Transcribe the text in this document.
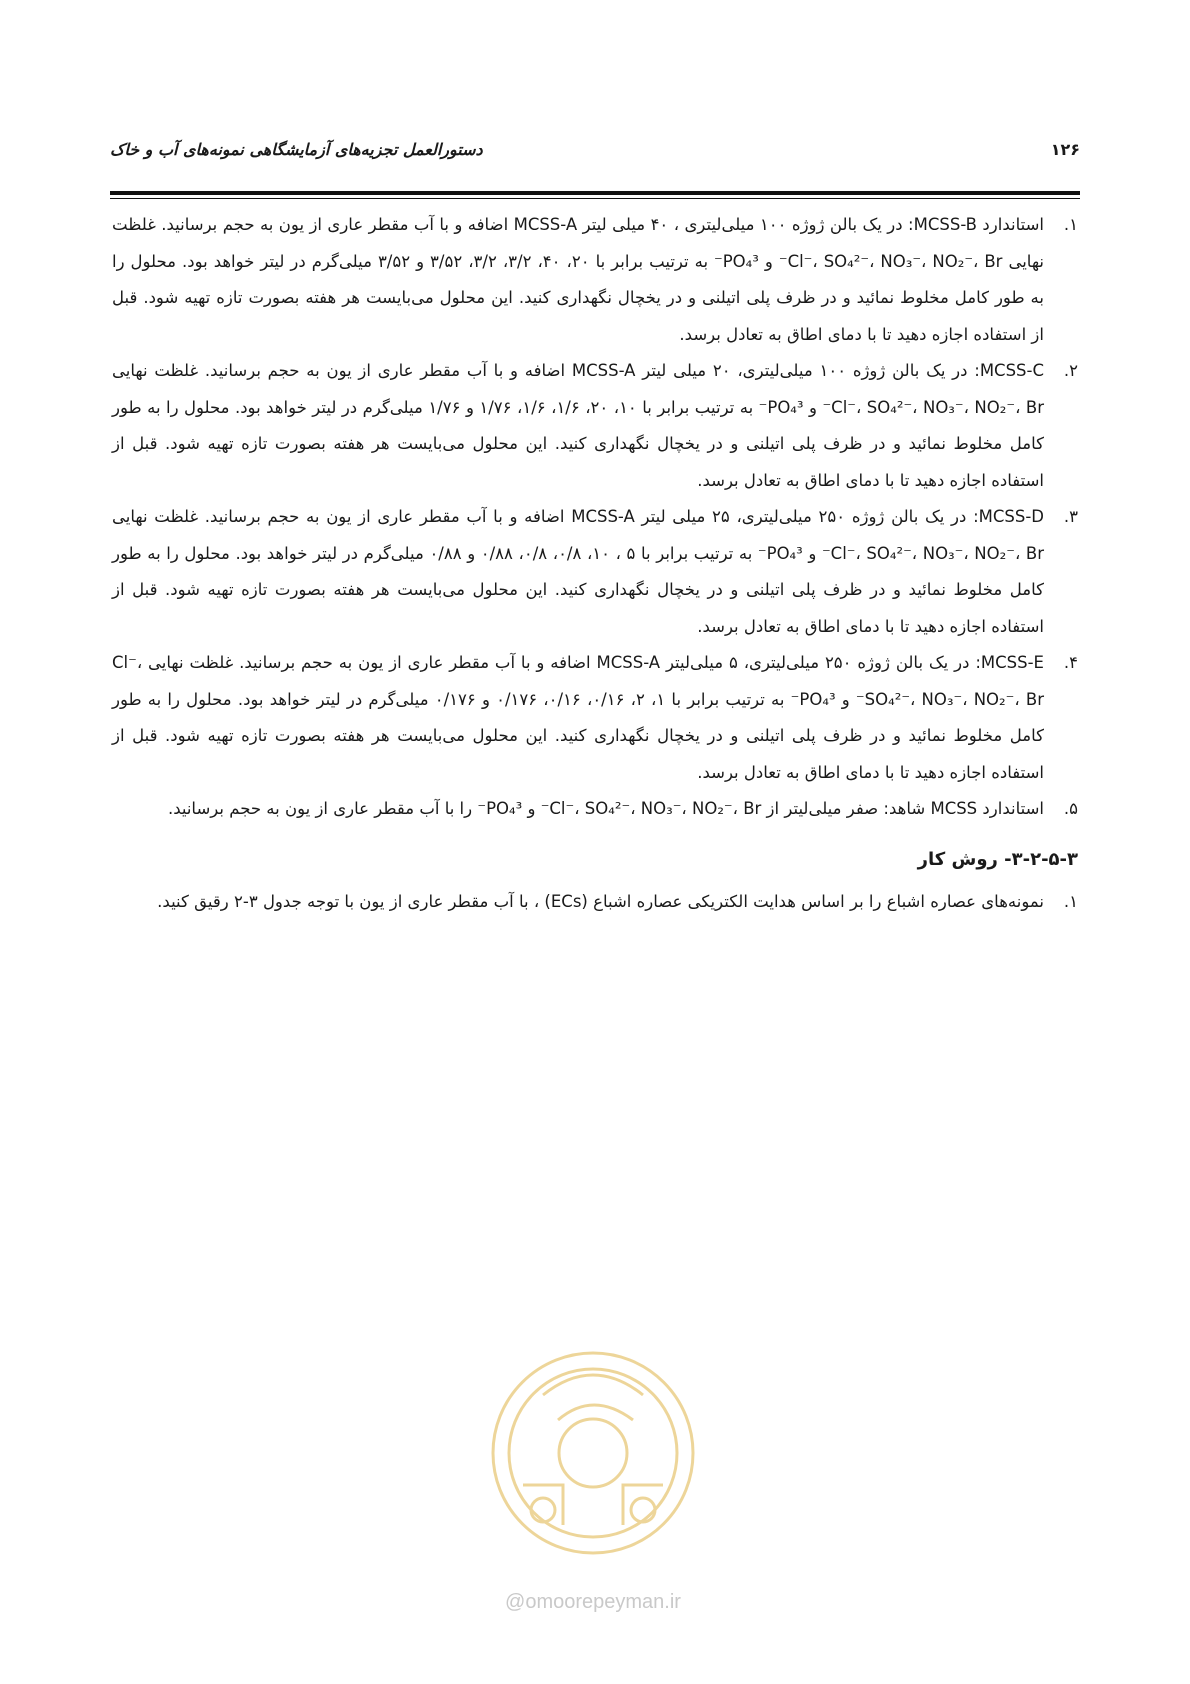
دستورالعمل تجزیه‌های آزمایشگاهی نمونه‌های آب و خاک	۱۲۶
۱.
استاندارد MCSS-B: در یک بالن ژوژه ۱۰۰ میلی‌لیتری ، ۴۰ میلی لیتر MCSS-A اضافه و با آب مقطر عاری از یون به حجم برسانید. غلظت نهایی Cl⁻، SO₄²⁻، NO₃⁻، NO₂⁻، Br⁻ و PO₄³⁻ به ترتیب برابر با ۲۰، ۴۰، ۳/۲، ۳/۲، ۳/۵۲ و ۳/۵۲ میلی‌گرم در لیتر خواهد بود. محلول را به طور کامل مخلوط نمائید و در ظرف پلی اتیلنی و در یخچال نگهداری کنید. این محلول می‌بایست هر هفته بصورت تازه تهیه شود. قبل از استفاده اجازه دهید تا با دمای اطاق به تعادل برسد.
۲.
MCSS-C: در یک بالن ژوژه ۱۰۰ میلی‌لیتری، ۲۰ میلی لیتر MCSS-A اضافه و با آب مقطر عاری از یون به حجم برسانید. غلظت نهایی Cl⁻، SO₄²⁻، NO₃⁻، NO₂⁻، Br⁻ و PO₄³⁻ به ترتیب برابر با ۱۰، ۲۰، ۱/۶، ۱/۶، ۱/۷۶ و ۱/۷۶ میلی‌گرم در لیتر خواهد بود. محلول را به طور کامل مخلوط نمائید و در ظرف پلی اتیلنی و در یخچال نگهداری کنید. این محلول می‌بایست هر هفته بصورت تازه تهیه شود. قبل از استفاده اجازه دهید تا با دمای اطاق به تعادل برسد.
۳.
MCSS-D: در یک بالن ژوژه ۲۵۰ میلی‌لیتری، ۲۵ میلی لیتر MCSS-A اضافه و با آب مقطر عاری از یون به حجم برسانید. غلظت نهایی Cl⁻، SO₄²⁻، NO₃⁻، NO₂⁻، Br⁻ و PO₄³⁻ به ترتیب برابر با ۵ ، ۱۰، ۰/۸، ۰/۸، ۰/۸۸ و ۰/۸۸ میلی‌گرم در لیتر خواهد بود. محلول را به طور کامل مخلوط نمائید و در ظرف پلی اتیلنی و در یخچال نگهداری کنید. این محلول می‌بایست هر هفته بصورت تازه تهیه شود. قبل از استفاده اجازه دهید تا با دمای اطاق به تعادل برسد.
۴.
MCSS-E: در یک بالن ژوژه ۲۵۰ میلی‌لیتری، ۵ میلی‌لیتر MCSS-A اضافه و با آب مقطر عاری از یون به حجم برسانید. غلظت نهایی Cl⁻، SO₄²⁻، NO₃⁻، NO₂⁻، Br⁻ و PO₄³⁻ به ترتیب برابر با ۱، ۲، ۰/۱۶، ۰/۱۶، ۰/۱۷۶ و ۰/۱۷۶ میلی‌گرم در لیتر خواهد بود. محلول را به طور کامل مخلوط نمائید و در ظرف پلی اتیلنی و در یخچال نگهداری کنید. این محلول می‌بایست هر هفته بصورت تازه تهیه شود. قبل از استفاده اجازه دهید تا با دمای اطاق به تعادل برسد.
۵.
استاندارد MCSS شاهد: صفر میلی‌لیتر از Cl⁻، SO₄²⁻، NO₃⁻، NO₂⁻، Br⁻ و PO₄³⁻ را با آب مقطر عاری از یون به حجم برسانید.
۳-۲-۵-۳- روش کار
۱.
نمونه‌های عصاره اشباع را بر اساس هدایت الکتریکی عصاره اشباع (ECs) ، با آب مقطر عاری از یون با توجه جدول ۳-۲ رقیق کنید.
@omoorepeyman.ir
